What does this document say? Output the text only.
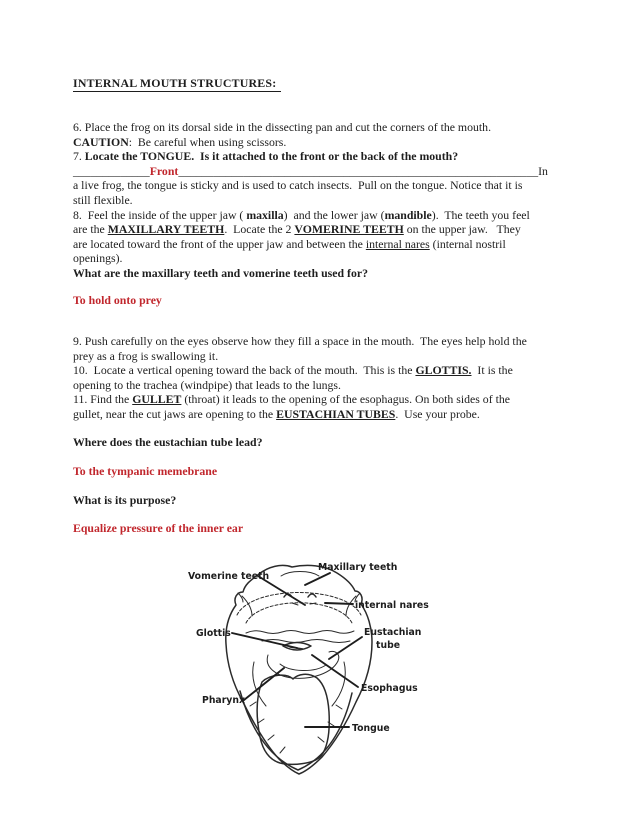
INTERNAL MOUTH STRUCTURES:
6. Place the frog on its dorsal side in the dissecting pan and cut the corners of the mouth.
CAUTION:  Be careful when using scissors.
7. Locate the TONGUE.  Is it attached to the front or the back of the mouth?
_____________Front_____________________________________________________________In
a live frog, the tongue is sticky and is used to catch insects.  Pull on the tongue. Notice that it is
still flexible.
8.  Feel the inside of the upper jaw ( maxilla)  and the lower jaw (mandible).  The teeth you feel
are the MAXILLARY TEETH.  Locate the 2 VOMERINE TEETH on the upper jaw.   They
are located toward the front of the upper jaw and between the internal nares (internal nostril
openings).
What are the maxillary teeth and vomerine teeth used for?
To hold onto prey
9. Push carefully on the eyes observe how they fill a space in the mouth.  The eyes help hold the
prey as a frog is swallowing it.
10.  Locate a vertical opening toward the back of the mouth.  This is the GLOTTIS.  It is the
opening to the trachea (windpipe) that leads to the lungs.
11. Find the GULLET (throat) it leads to the opening of the esophagus. On both sides of the
gullet, near the cut jaws are opening to the EUSTACHIAN TUBES.  Use your probe.
Where does the eustachian tube lead?
To the tympanic memebrane
What is its purpose?
Equalize pressure of the inner ear
Vomerine teeth
Maxillary teeth
internal nares
Glottis	Eustachian
tube
Esophagus
Pharynx
Tongue
